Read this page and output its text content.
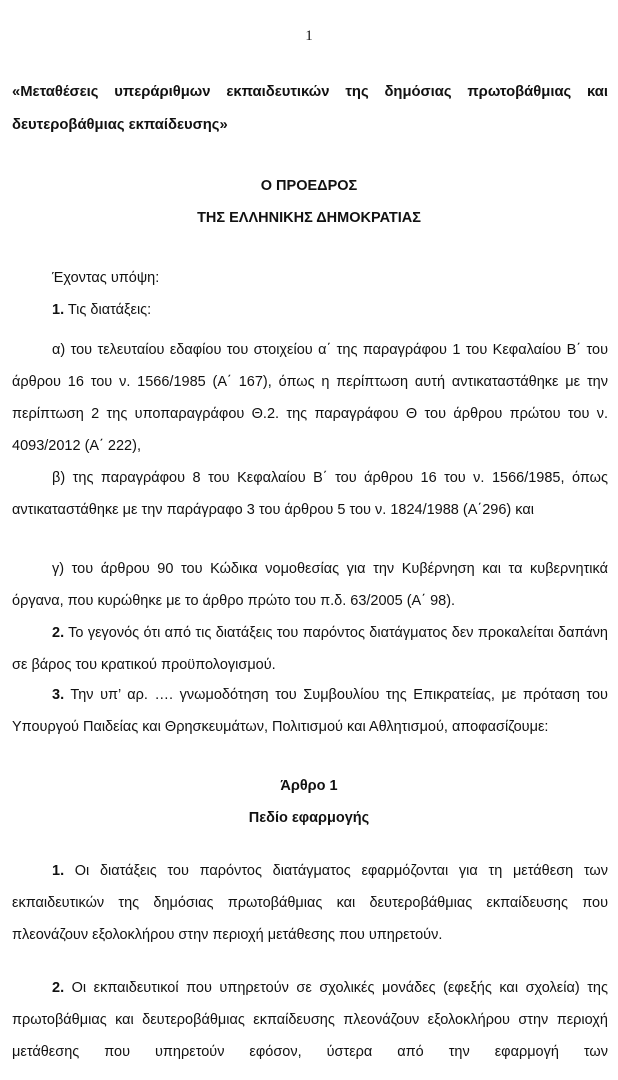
1
«Μεταθέσεις υπεράριθμων εκπαιδευτικών της δημόσιας πρωτοβάθμιας και δευτεροβάθμιας εκπαίδευσης»
Ο ΠΡΟΕΔΡΟΣ
ΤΗΣ ΕΛΛΗΝΙΚΗΣ ΔΗΜΟΚΡΑΤΙΑΣ
Έχοντας υπόψη:
1. Τις διατάξεις:
α) του τελευταίου εδαφίου του στοιχείου α΄ της παραγράφου 1 του Κεφαλαίου Β΄ του άρθρου 16 του ν. 1566/1985 (Α΄ 167), όπως η περίπτωση αυτή αντικαταστάθηκε με την περίπτωση 2 της υποπαραγράφου Θ.2. της παραγράφου Θ του άρθρου πρώτου του ν. 4093/2012 (Α΄ 222),
β) της παραγράφου 8 του Κεφαλαίου Β΄ του άρθρου 16 του ν. 1566/1985, όπως αντικαταστάθηκε με την παράγραφο 3 του άρθρου 5 του ν. 1824/1988 (Α΄296) και
γ) του άρθρου 90 του Κώδικα νομοθεσίας για την Κυβέρνηση και τα κυβερνητικά όργανα, που κυρώθηκε με το άρθρο πρώτο του π.δ. 63/2005 (Α΄ 98).
2. Το γεγονός ότι από τις διατάξεις του παρόντος διατάγματος δεν προκαλείται δαπάνη σε βάρος του κρατικού προϋπολογισμού.
3. Την υπ’ αρ. …. γνωμοδότηση του Συμβουλίου της Επικρατείας, με πρόταση του Υπουργού Παιδείας και Θρησκευμάτων, Πολιτισμού και Αθλητισμού, αποφασίζουμε:
Άρθρο 1
Πεδίο εφαρμογής
1. Οι διατάξεις του παρόντος διατάγματος εφαρμόζονται για τη μετάθεση των εκπαιδευτικών της δημόσιας πρωτοβάθμιας και δευτεροβάθμιας εκπαίδευσης που πλεονάζουν εξολοκλήρου στην περιοχή μετάθεσης που υπηρετούν.
2. Οι εκπαιδευτικοί που υπηρετούν σε σχολικές μονάδες (εφεξής και σχολεία) της πρωτοβάθμιας και δευτεροβάθμιας εκπαίδευσης πλεονάζουν εξολοκλήρου στην περιοχή μετάθεσης που υπηρετούν εφόσον, ύστερα από την εφαρμογή των
